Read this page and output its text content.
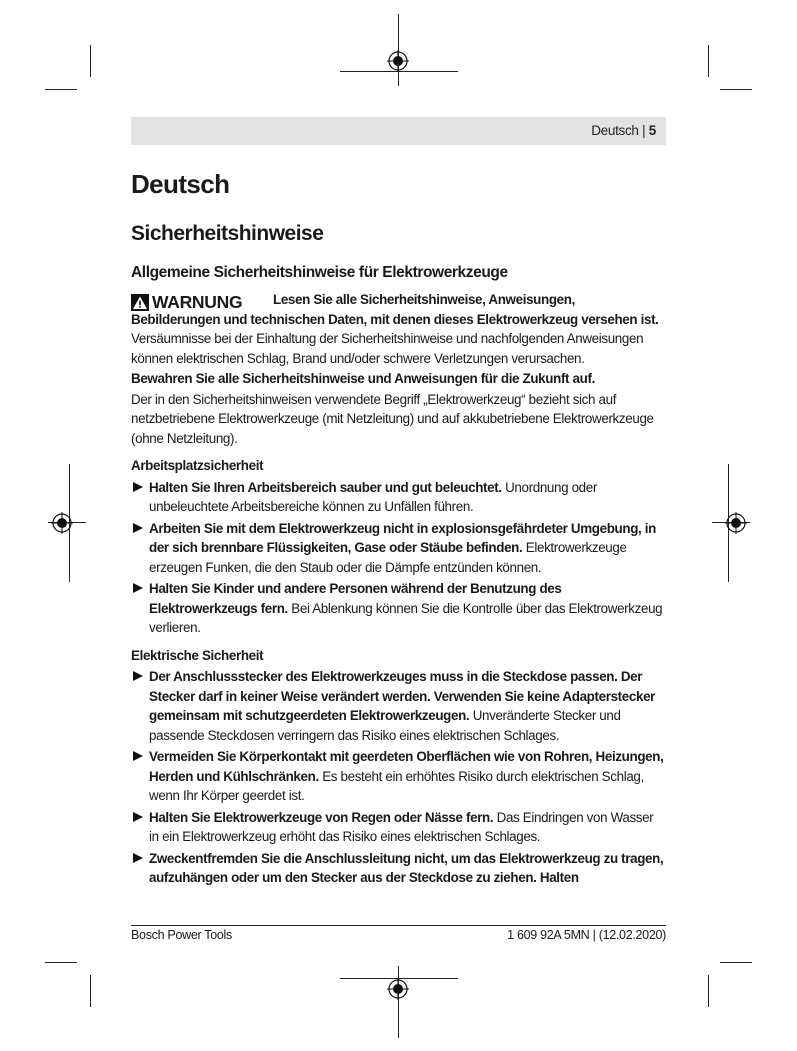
Deutsch | 5
Deutsch
Sicherheitshinweise
Allgemeine Sicherheitshinweise für Elektrowerkzeuge
WARNUNG	Lesen Sie alle Sicherheitshinweise, Anweisungen, Bebilderungen und technischen Daten, mit denen dieses Elektrowerkzeug versehen ist. Versäumnisse bei der Einhaltung der Sicherheitshinweise und nachfolgenden Anweisungen können elektrischen Schlag, Brand und/oder schwere Verletzungen verursachen.

Bewahren Sie alle Sicherheitshinweise und Anweisungen für die Zukunft auf.

Der in den Sicherheitshinweisen verwendete Begriff „Elektrowerkzeug“ bezieht sich auf netzbetriebene Elektrowerkzeuge (mit Netzleitung) und auf akkubetriebene Elektrowerkzeuge (ohne Netzleitung).

Arbeitsplatzsicherheit
Halten Sie Ihren Arbeitsbereich sauber und gut beleuchtet. Unordnung oder unbeleuchtete Arbeitsbereiche können zu Unfällen führen.
Arbeiten Sie mit dem Elektrowerkzeug nicht in explosionsgefährdeter Umgebung, in der sich brennbare Flüssigkeiten, Gase oder Stäube befinden. Elektrowerkzeuge erzeugen Funken, die den Staub oder die Dämpfe entzünden können.
Halten Sie Kinder und andere Personen während der Benutzung des Elektrowerkzeugs fern. Bei Ablenkung können Sie die Kontrolle über das Elektrowerkzeug verlieren.
Elektrische Sicherheit
Der Anschlussstecker des Elektrowerkzeuges muss in die Steckdose passen. Der Stecker darf in keiner Weise verändert werden. Verwenden Sie keine Adapterstecker gemeinsam mit schutzgeerdeten Elektrowerkzeugen. Unveränderte Stecker und passende Steckdosen verringern das Risiko eines elektrischen Schlages.
Vermeiden Sie Körperkontakt mit geerdeten Oberflächen wie von Rohren, Heizungen, Herden und Kühlschränken. Es besteht ein erhöhtes Risiko durch elektrischen Schlag, wenn Ihr Körper geerdet ist.
Halten Sie Elektrowerkzeuge von Regen oder Nässe fern. Das Eindringen von Wasser in ein Elektrowerkzeug erhöht das Risiko eines elektrischen Schlages.
Zweckentfremden Sie die Anschlussleitung nicht, um das Elektrowerkzeug zu tragen, aufzuhängen oder um den Stecker aus der Steckdose zu ziehen. Halten
Bosch Power Tools	1 609 92A 5MN | (12.02.2020)
